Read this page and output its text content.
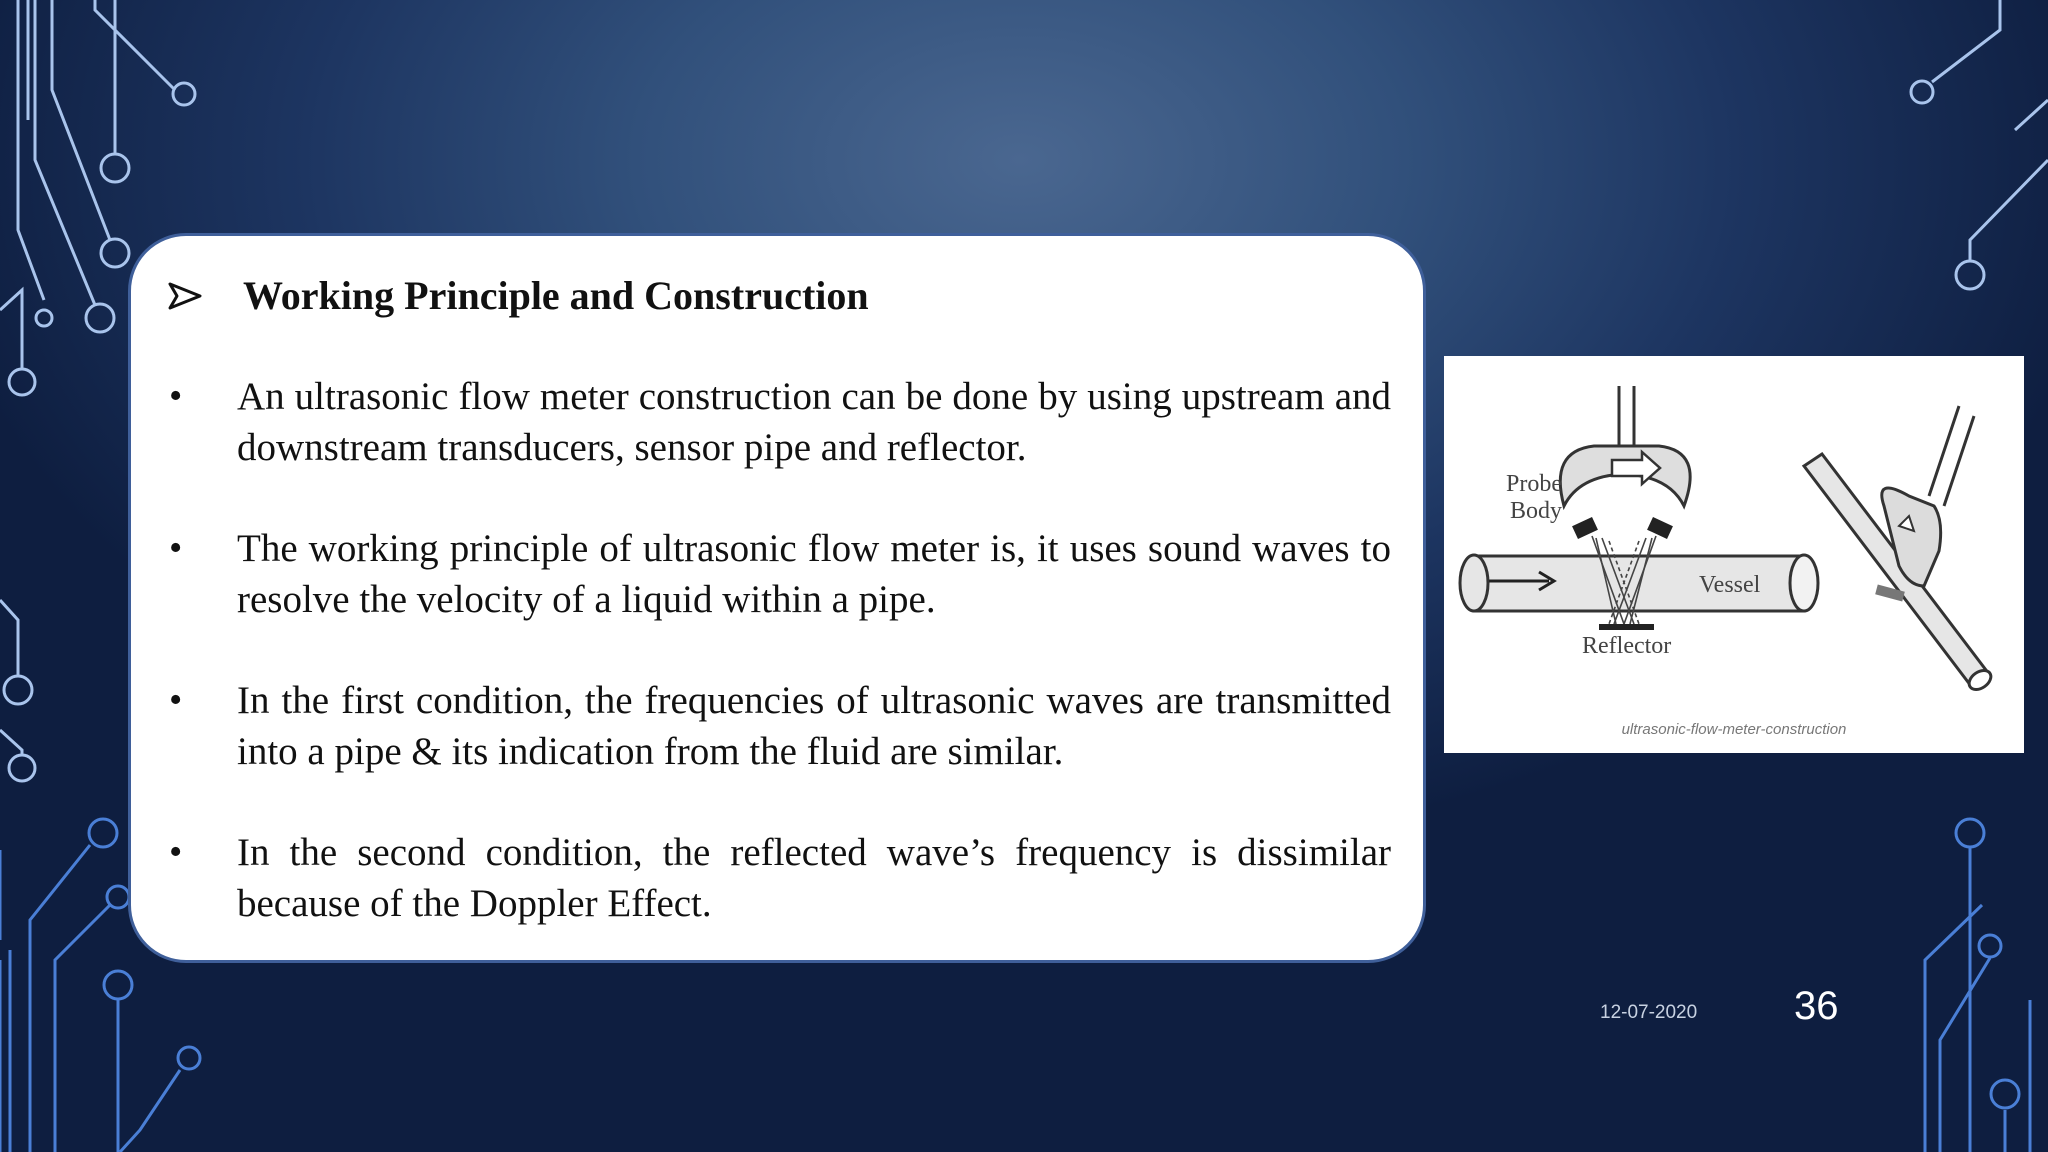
Working Principle and Construction
•	An ultrasonic flow meter construction can be done by using upstream and downstream transducers, sensor pipe and reflector.
•	The working principle of ultrasonic flow meter is, it uses sound waves to resolve the velocity of a liquid within a pipe.
•	In the first condition, the frequencies of ultrasonic waves are transmitted into a pipe & its indication from the fluid are similar.
•	In the second condition, the reflected wave’s frequency is dissimilar because of the Doppler Effect.
Probe
Body
Vessel
Reflector
ultrasonic-flow-meter-construction
12-07-2020 36
